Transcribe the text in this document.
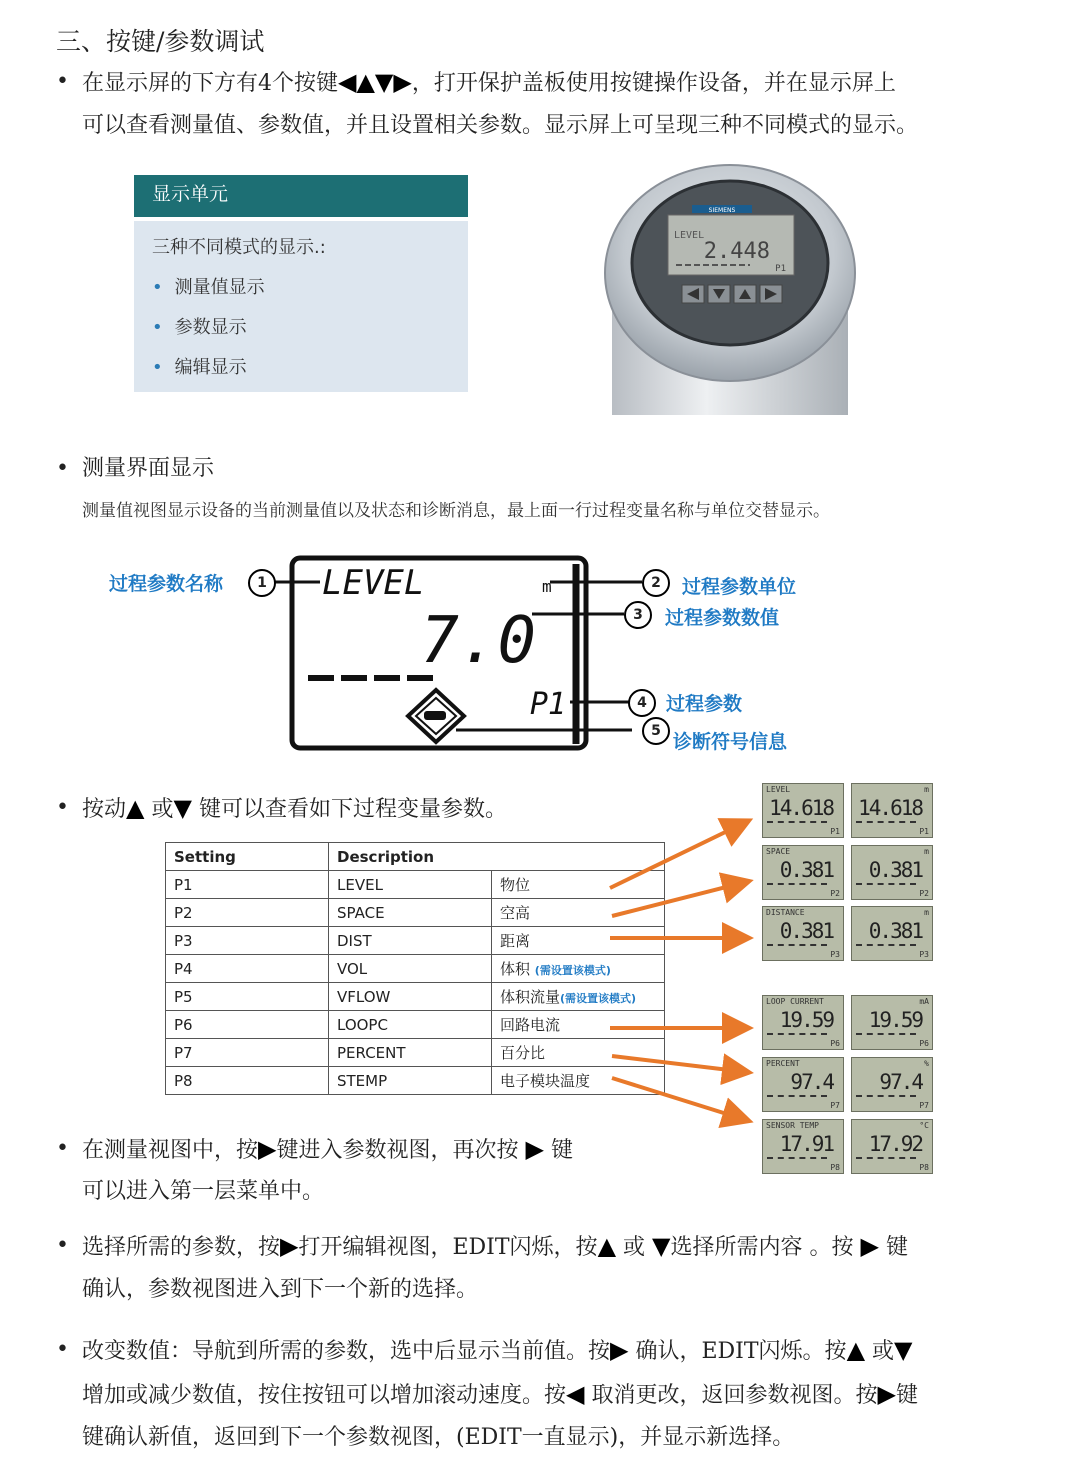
三、按键/参数调试
• 在显示屏的下方有4个按键◀▲▼▶，打开保护盖板使用按键操作设备，并在显示屏上
可以查看测量值、参数值，并且设置相关参数。显示屏上可呈现三种不同模式的显示。
显示单元
三种不同模式的显示.:
• 测量值显示
• 参数显示
• 编辑显示
SIEMENS
LEVEL
2.448
P1
• 测量界面显示
测量值视图显示设备的当前测量值以及状态和诊断消息，最上面一行过程变量名称与单位交替显示。
LEVEL	m
7.0
P1
1	2
3
4
5
过程参数名称	过程参数单位
过程参数数值
过程参数
诊断符号信息
• 按动▲ 或▼ 键可以查看如下过程变量参数。
Setting	Description	
P1	LEVEL	物位
P2	SPACE	空高
P3	DIST	距离
P4	VOL	体积 (需设置该模式)
P5	VFLOW	体积流量(需设置该模式)
P6	LOOPC	回路电流
P7	PERCENT	百分比
P8	STEMP	电子模块温度
LEVEL
14.618
P1
m
14.618
P1
SPACE
0.381
P2
m
0.381
P2
DISTANCE
0.381
P3
m
0.381
P3
LOOP CURRENT
19.59
P6
mA
19.59
P6
PERCENT
97.4
P7
%
97.4
P7
SENSOR TEMP
17.91
P8
°C
17.92
P8
• 在测量视图中，按▶键进入参数视图，再次按 ▶ 键
可以进入第一层菜单中。
• 选择所需的参数，按▶打开编辑视图，EDIT闪烁，按▲ 或 ▼选择所需内容 。按 ▶ 键
确认，参数视图进入到下一个新的选择。
• 改变数值：导航到所需的参数，选中后显示当前值。按▶ 确认，EDIT闪烁。按▲ 或▼
增加或减少数值，按住按钮可以增加滚动速度。按◀ 取消更改，返回参数视图。按▶键
键确认新值，返回到下一个参数视图，(EDIT一直显示)，并显示新选择。
